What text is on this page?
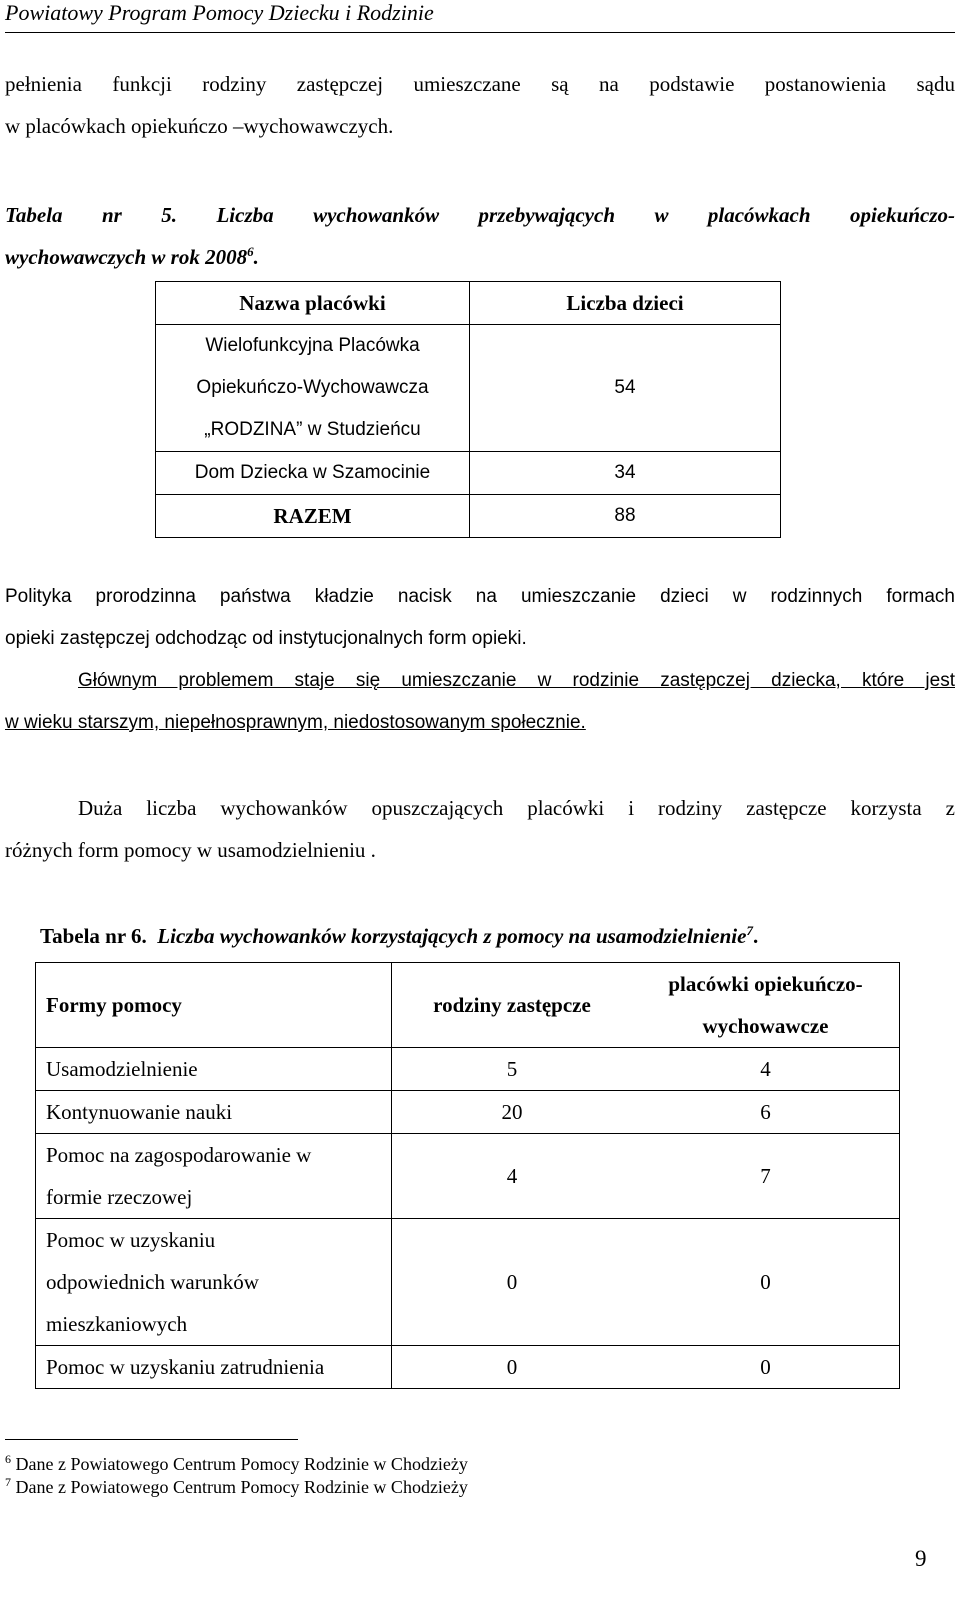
Powiatowy Program Pomocy Dziecku i Rodzinie
pełnienia funkcji rodziny zastępczej umieszczane są na podstawie postanowienia sądu
w placówkach opiekuńczo –wychowawczych.
Tabela nr 5. Liczba wychowanków przebywających w placówkach opiekuńczo-
wychowawczych w rok 2008$^6$.
Nazwa placówki	Liczba dzieci

Wielofunkcyjna Placówka
Opiekuńczo-Wychowawcza
„RODZINA” w Studzieńcu	54
Dom Dziecka w Szamocinie	34
RAZEM	88
Polityka prorodzinna państwa kładzie nacisk na umieszczanie dzieci w rodzinnych formach
opieki zastępczej odchodząc od instytucjonalnych form opieki.
Głównym problemem staje się umieszczanie w rodzinie zastępczej dziecka, które jest
w wieku starszym, niepełnosprawnym, niedostosowanym społecznie.
Duża liczba wychowanków opuszczających placówki i rodziny zastępcze korzysta z
różnych form pomocy w usamodzielnieniu .
Tabela nr 6. Liczba wychowanków korzystających z pomocy na usamodzielnienie$^7$.
Formy pomocy	rodziny zastępcze	placówki opiekuńczo-
wychowawcze

Usamodzielnienie	5	4
Kontynuowanie nauki	20	6

Pomoc na zagospodarowanie w
formie rzeczowej	4	7

Pomoc w uzyskaniu
odpowiednich warunków
mieszkaniowych	0	0
Pomoc w uzyskaniu zatrudnienia	0	0
$^6$ Dane z Powiatowego Centrum Pomocy Rodzinie w Chodzieży
$^7$ Dane z Powiatowego Centrum Pomocy Rodzinie w Chodzieży
9
